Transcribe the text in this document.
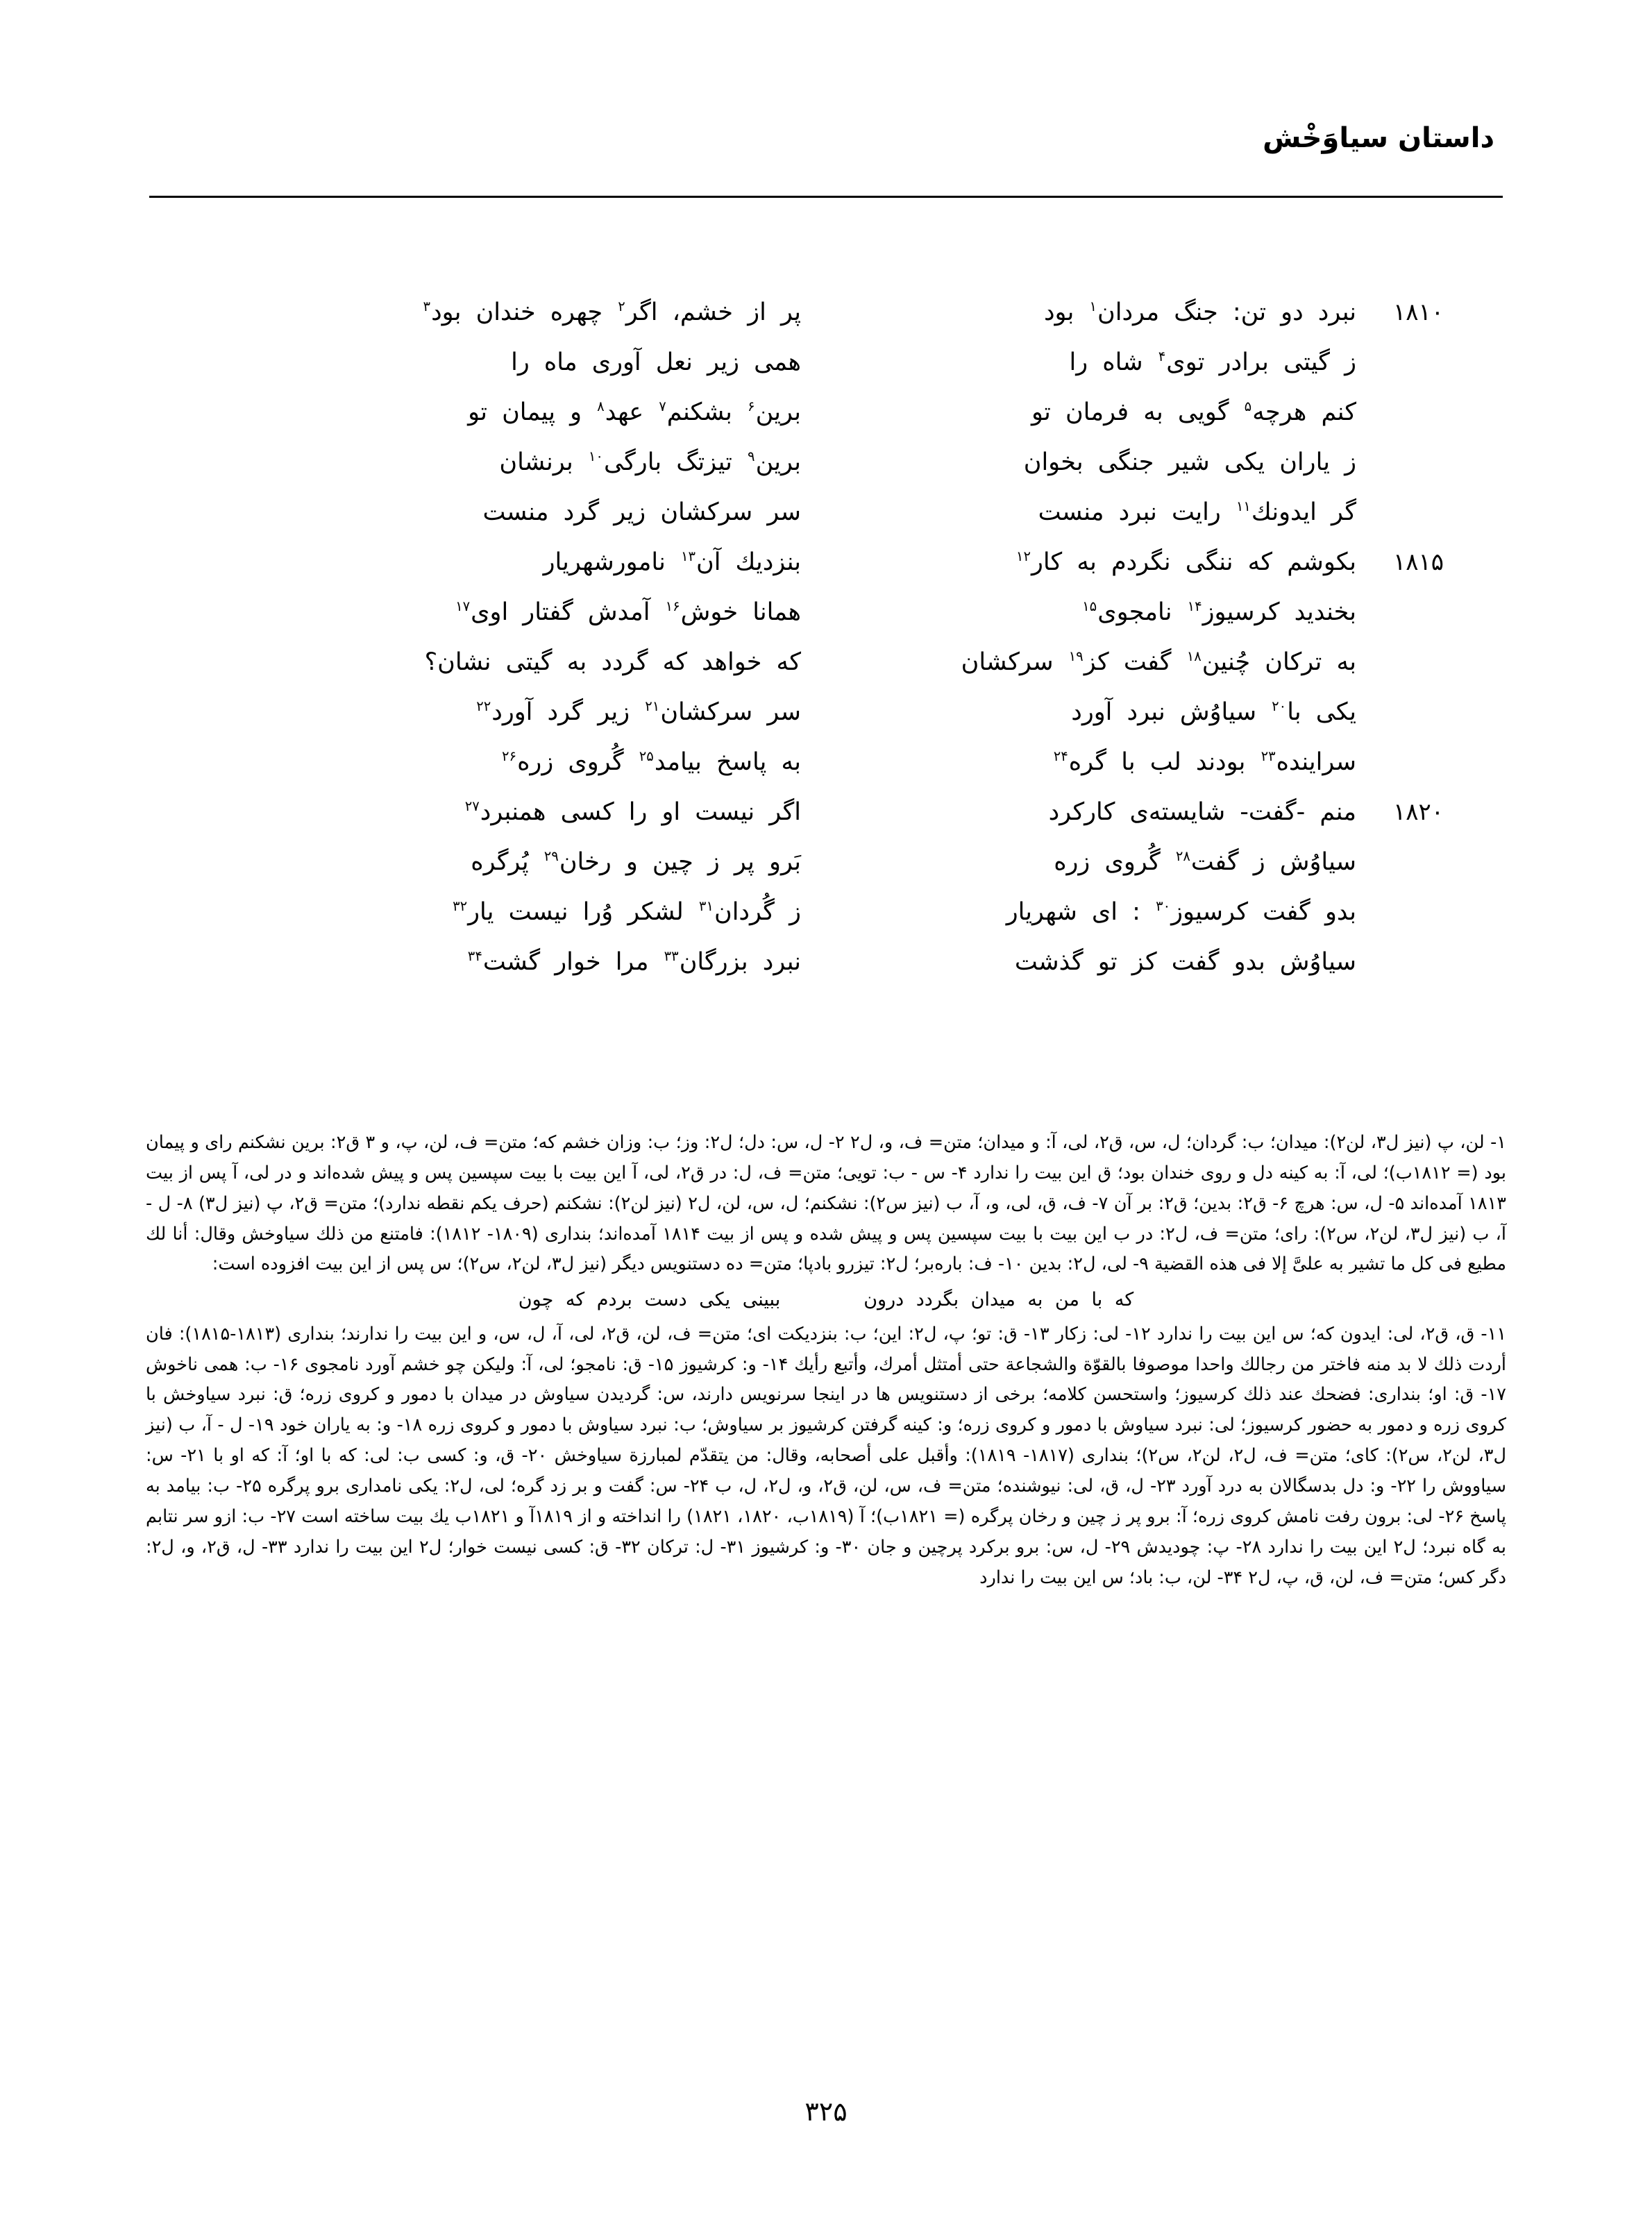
داستان سیاوَخْش
۱۸۱۰
نبرد دو تن: جنگ مردان$^۱$ بود
پر از خشم، اگر$^۲$ چهره خندان بود$^۳$
ز گیتی برادر توی$^۴$ شاه را
همی زیر نعل آوری ماه را
کنم هرچه$^۵$ گویی به فرمان تو
برین$^۶$ بشکنم$^۷$ عهد$^۸$ و پیمان تو
ز یاران یکی شیر جنگی بخوان
برین$^۹$ تیزتگ بارگی$^{۱۰}$ برنشان
گر ایدونك$^{۱۱}$ رایت نبرد منست
سر سرکشان زیر گرد منست
۱۸۱۵
بکوشم که ننگی نگردم به کار$^{۱۲}$
بنزدیك آن$^{۱۳}$ نامورشهریار
بخندید کرسیوز$^{۱۴}$ نامجوی$^{۱۵}$
همانا خوش$^{۱۶}$ آمدش گفتار اوی$^{۱۷}$
به ترکان چُنین$^{۱۸}$ گفت کز$^{۱۹}$ سرکشان
که خواهد که گردد به گیتی نشان؟
یکی با$^{۲۰}$ سیاوُش نبرد آورد
سر سرکشان$^{۲۱}$ زیر گرد آورد$^{۲۲}$
سراینده$^{۲۳}$ بودند لب با گره$^{۲۴}$
به پاسخ بیامد$^{۲۵}$ گُروی زره$^{۲۶}$
۱۸۲۰
منم -گفت- شایسته‌ی کارکرد
اگر نیست او را کسی همنبرد$^{۲۷}$
سیاوُش ز گفت$^{۲۸}$ گُروی زره
بَرو پر ز چین و رخان$^{۲۹}$ پُرگره
بدو گفت کرسیوز$^{۳۰}$ : ای شهریار
ز گُردان$^{۳۱}$ لشکر وُرا نیست یار$^{۳۲}$
سیاوُش بدو گفت کز تو گذشت
نبرد بزرگان$^{۳۳}$ مرا خوار گشت$^{۳۴}$
۱- لن، پ (نیز ل۳، لن۲): میدان؛ ب: گردان؛ ل، س، ق۲، لی، آ: و میدان؛ متن= ف، و، ل۲ ۲- ل، س: دل؛ ل۲: وز؛ ب: وزان خشم که؛ متن= ف، لن، پ، و ۳ ق۲: برین نشکنم رای و پیمان بود (= ۱۸۱۲ب)؛ لی، آ: به کینه دل و روی خندان بود؛ ق این بیت را ندارد ۴- س - ب: تویی؛ متن= ف، ل: در ق۲، لی، آ این بیت با بیت سپسین پس و پیش شده‌اند و در لی، آ پس از بیت ۱۸۱۳ آمده‌اند ۵- ل، س: هرچ ۶- ق۲: بدین؛ ق۲: بر آن ۷- ف، ق، لی، و، آ، ب (نیز س۲): نشکنم؛ ل، س، لن، ل۲ (نیز لن۲): نشکنم (حرف یکم نقطه ندارد)؛ متن= ق۲، پ (نیز ل۳) ۸- ل - آ، ب (نیز ل۳، لن۲، س۲): رای؛ متن= ف، ل۲: در ب این بیت با بیت سپسین پس و پیش شده و پس از بیت ۱۸۱۴ آمده‌اند؛ بنداری (۱۸۰۹- ۱۸۱۲): فامتنع من ذلك سیاوخش وقال: أنا لك مطیع فی کل ما تشیر به علیَّ إلا فی هذه القضیة ۹- لی، ل۲: بدین ۱۰- ف: بارەبر؛ ل۲: تیزرو بادپا؛ متن= ده دستنویس دیگر (نیز ل۳، لن۲، س۲)؛ س پس از این بیت افزوده است:
که با من به میدان بگردد درون
ببینی یکی دست بردم که چون
۱۱- ق، ق۲، لی: ایدون که؛ س این بیت را ندارد ۱۲- لی: زکار ۱۳- ق: تو؛ پ، ل۲: این؛ ب: بنزدیکت ای؛ متن= ف، لن، ق۲، لی، آ، ل، س، و این بیت را ندارند؛ بنداری (۱۸۱۳-۱۸۱۵): فان أردت ذلك لا بد منه فاختر من رجالك واحدا موصوفا بالقوّة والشجاعة حتی أمتثل أمرك، وأتبع رأیك ۱۴- و: کرشیوز ۱۵- ق: نامجو؛ لی، آ: ولیکن چو خشم آورد نامجوی ۱۶- ب: همی ناخوش ۱۷- ق: او؛ بنداری: فضحك عند ذلك کرسیوز؛ واستحسن کلامه؛ برخی از دستنویس ها در اینجا سرنویس دارند، س: گردیدن سیاوش در میدان با دمور و کروی زره؛ ق: نبرد سیاوخش با کروی زره و دمور به حضور کرسیوز؛ لی: نبرد سیاوش با دمور و کروی زره؛ و: کینه گرفتن کرشیوز بر سیاوش؛ ب: نبرد سیاوش با دمور و کروی زره ۱۸- و: به یاران خود ۱۹- ل - آ، ب (نیز ل۳، لن۲، س۲): کای؛ متن= ف، ل۲، لن۲، س۲)؛ بنداری (۱۸۱۷- ۱۸۱۹): وأقبل علی أصحابه، وقال: من یتقدّم لمبارزة سیاوخش ۲۰- ق، و: کسی ب: لی: که با او؛ آ: که او با ۲۱- س: سیاووش را ۲۲- و: دل بدسگالان به درد آورد ۲۳- ل، ق، لی: نیوشنده؛ متن= ف، س، لن، ق۲، و، ل۲، ل، ب ۲۴- س: گفت و بر زد گره؛ لی، ل۲: یکی نامداری برو پرگره ۲۵- ب: بیامد به پاسخ ۲۶- لی: برون رفت نامش کروی زره؛ آ: برو پر ز چین و رخان پرگره (= ۱۸۲۱ب)؛ آ (۱۸۱۹ب، ۱۸۲۰، ۱۸۲۱) را انداخته و از ۱۸۱۹آ و ۱۸۲۱ب یك بیت ساخته است ۲۷- ب: ازو سر نتابم به گاه نبرد؛ ل۲ این بیت را ندارد ۲۸- پ: چودیدش ۲۹- ل، س: برو برکرد پرچین و جان ۳۰- و: کرشیوز ۳۱- ل: ترکان ۳۲- ق: کسی نیست خوار؛ ل۲ این بیت را ندارد ۳۳- ل، ق۲، و، ل۲: دگر کس؛ متن= ف، لن، ق، پ، ل۲ ۳۴- لن، ب: باد؛ س این بیت را ندارد
۳۲۵
